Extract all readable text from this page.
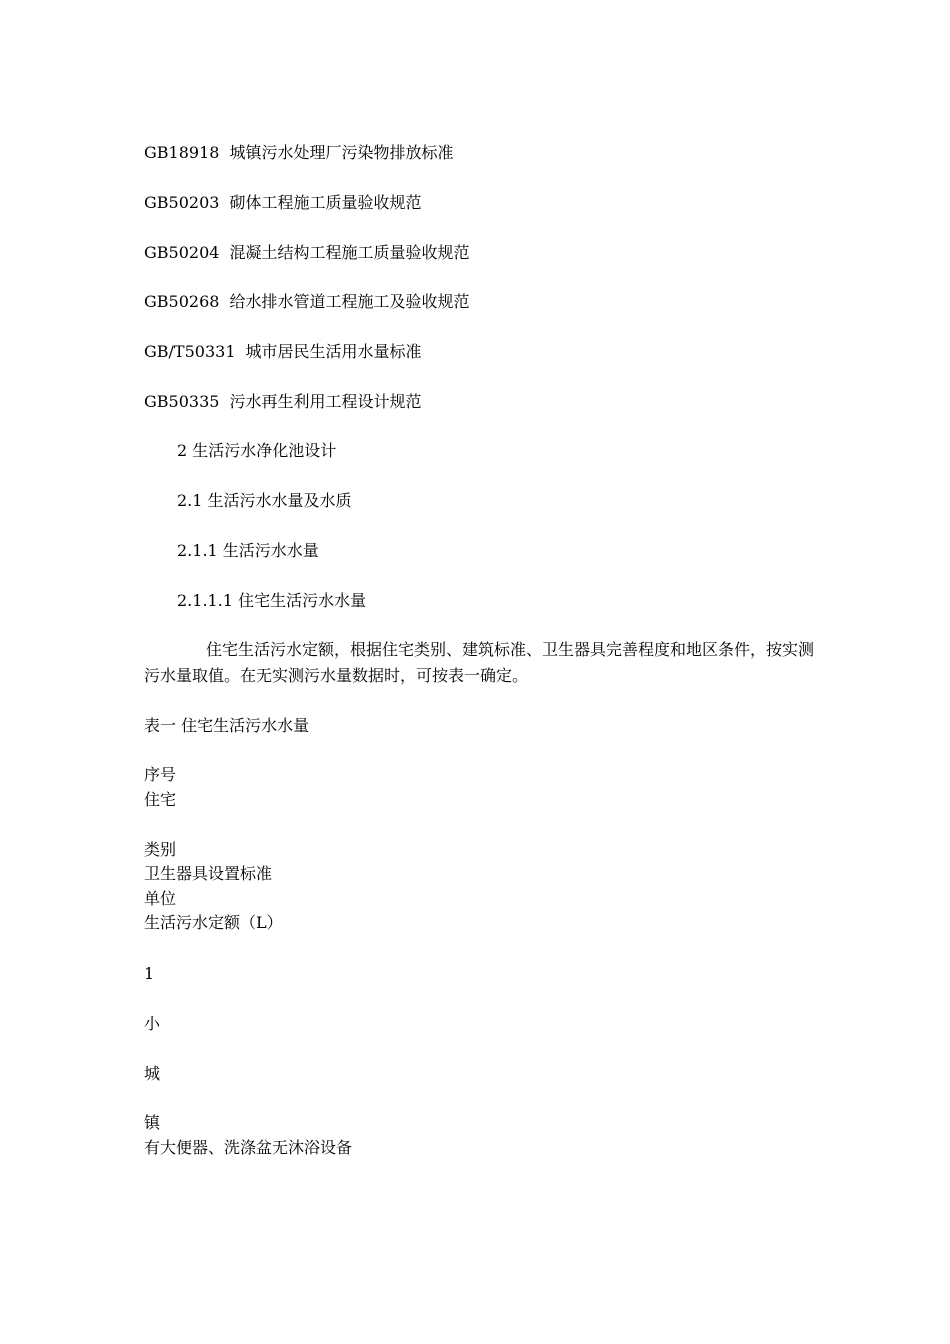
GB18918 城镇污水处理厂污染物排放标准
GB50203 砌体工程施工质量验收规范
GB50204 混凝土结构工程施工质量验收规范
GB50268 给水排水管道工程施工及验收规范
GB/T50331 城市居民生活用水量标准
GB50335 污水再生利用工程设计规范
2 生活污水净化池设计
2.1 生活污水水量及水质
2.1.1 生活污水水量
2.1.1.1 住宅生活污水水量
住宅生活污水定额，根据住宅类别、建筑标准、卫生器具完善程度和地区条件，按实测污水量取值。在无实测污水量数据时，可按表一确定。
表一 住宅生活污水水量
序号
住宅
类别
卫生器具设置标准
单位
生活污水定额（L）
1
小
城
镇
有大便器、洗涤盆无沐浴设备
